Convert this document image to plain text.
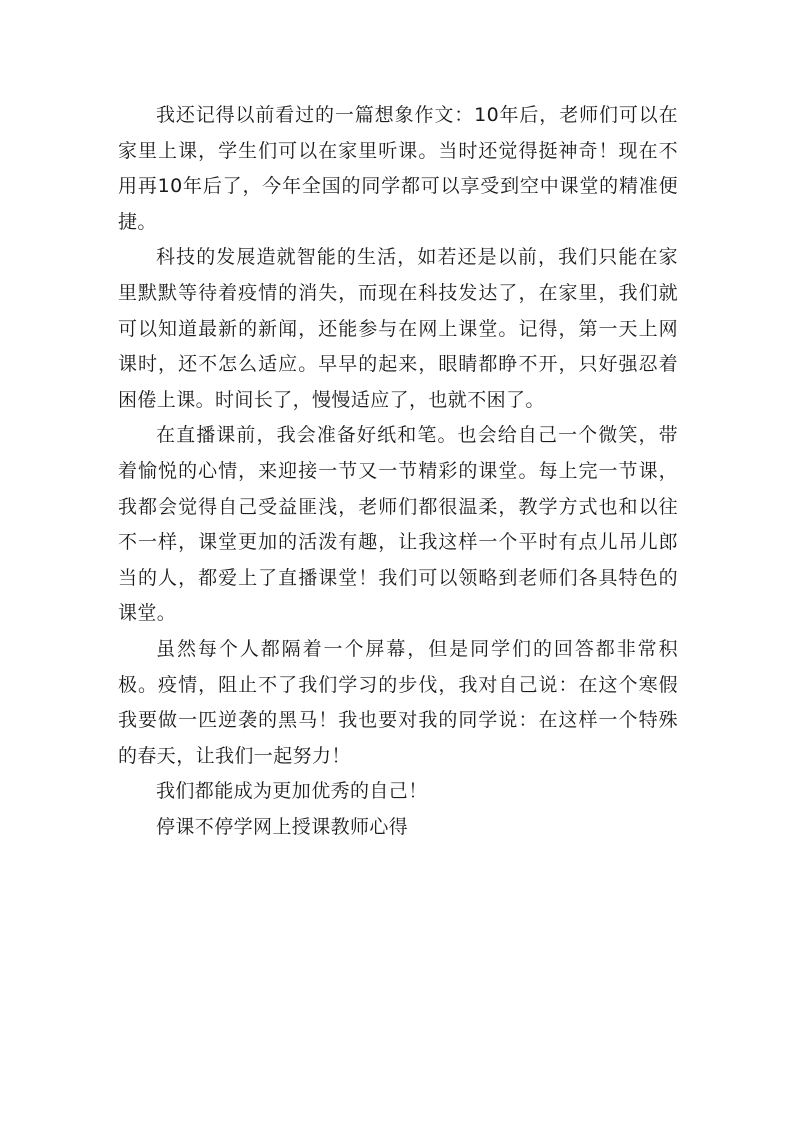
我还记得以前看过的一篇想象作文：10年后，老师们可以在家里上课，学生们可以在家里听课。当时还觉得挺神奇！现在不用再10年后了，今年全国的同学都可以享受到空中课堂的精准便捷。

科技的发展造就智能的生活，如若还是以前，我们只能在家里默默等待着疫情的消失，而现在科技发达了，在家里，我们就可以知道最新的新闻，还能参与在网上课堂。记得，第一天上网课时，还不怎么适应。早早的起来，眼睛都睁不开，只好强忍着困倦上课。时间长了，慢慢适应了，也就不困了。

在直播课前，我会准备好纸和笔。也会给自己一个微笑，带着愉悦的心情，来迎接一节又一节精彩的课堂。每上完一节课，我都会觉得自己受益匪浅，老师们都很温柔，教学方式也和以往不一样，课堂更加的活泼有趣，让我这样一个平时有点儿吊儿郎当的人，都爱上了直播课堂！我们可以领略到老师们各具特色的课堂。

虽然每个人都隔着一个屏幕，但是同学们的回答都非常积极。疫情，阻止不了我们学习的步伐，我对自己说：在这个寒假我要做一匹逆袭的黑马！我也要对我的同学说：在这样一个特殊的春天，让我们一起努力！

我们都能成为更加优秀的自己！

停课不停学网上授课教师心得
